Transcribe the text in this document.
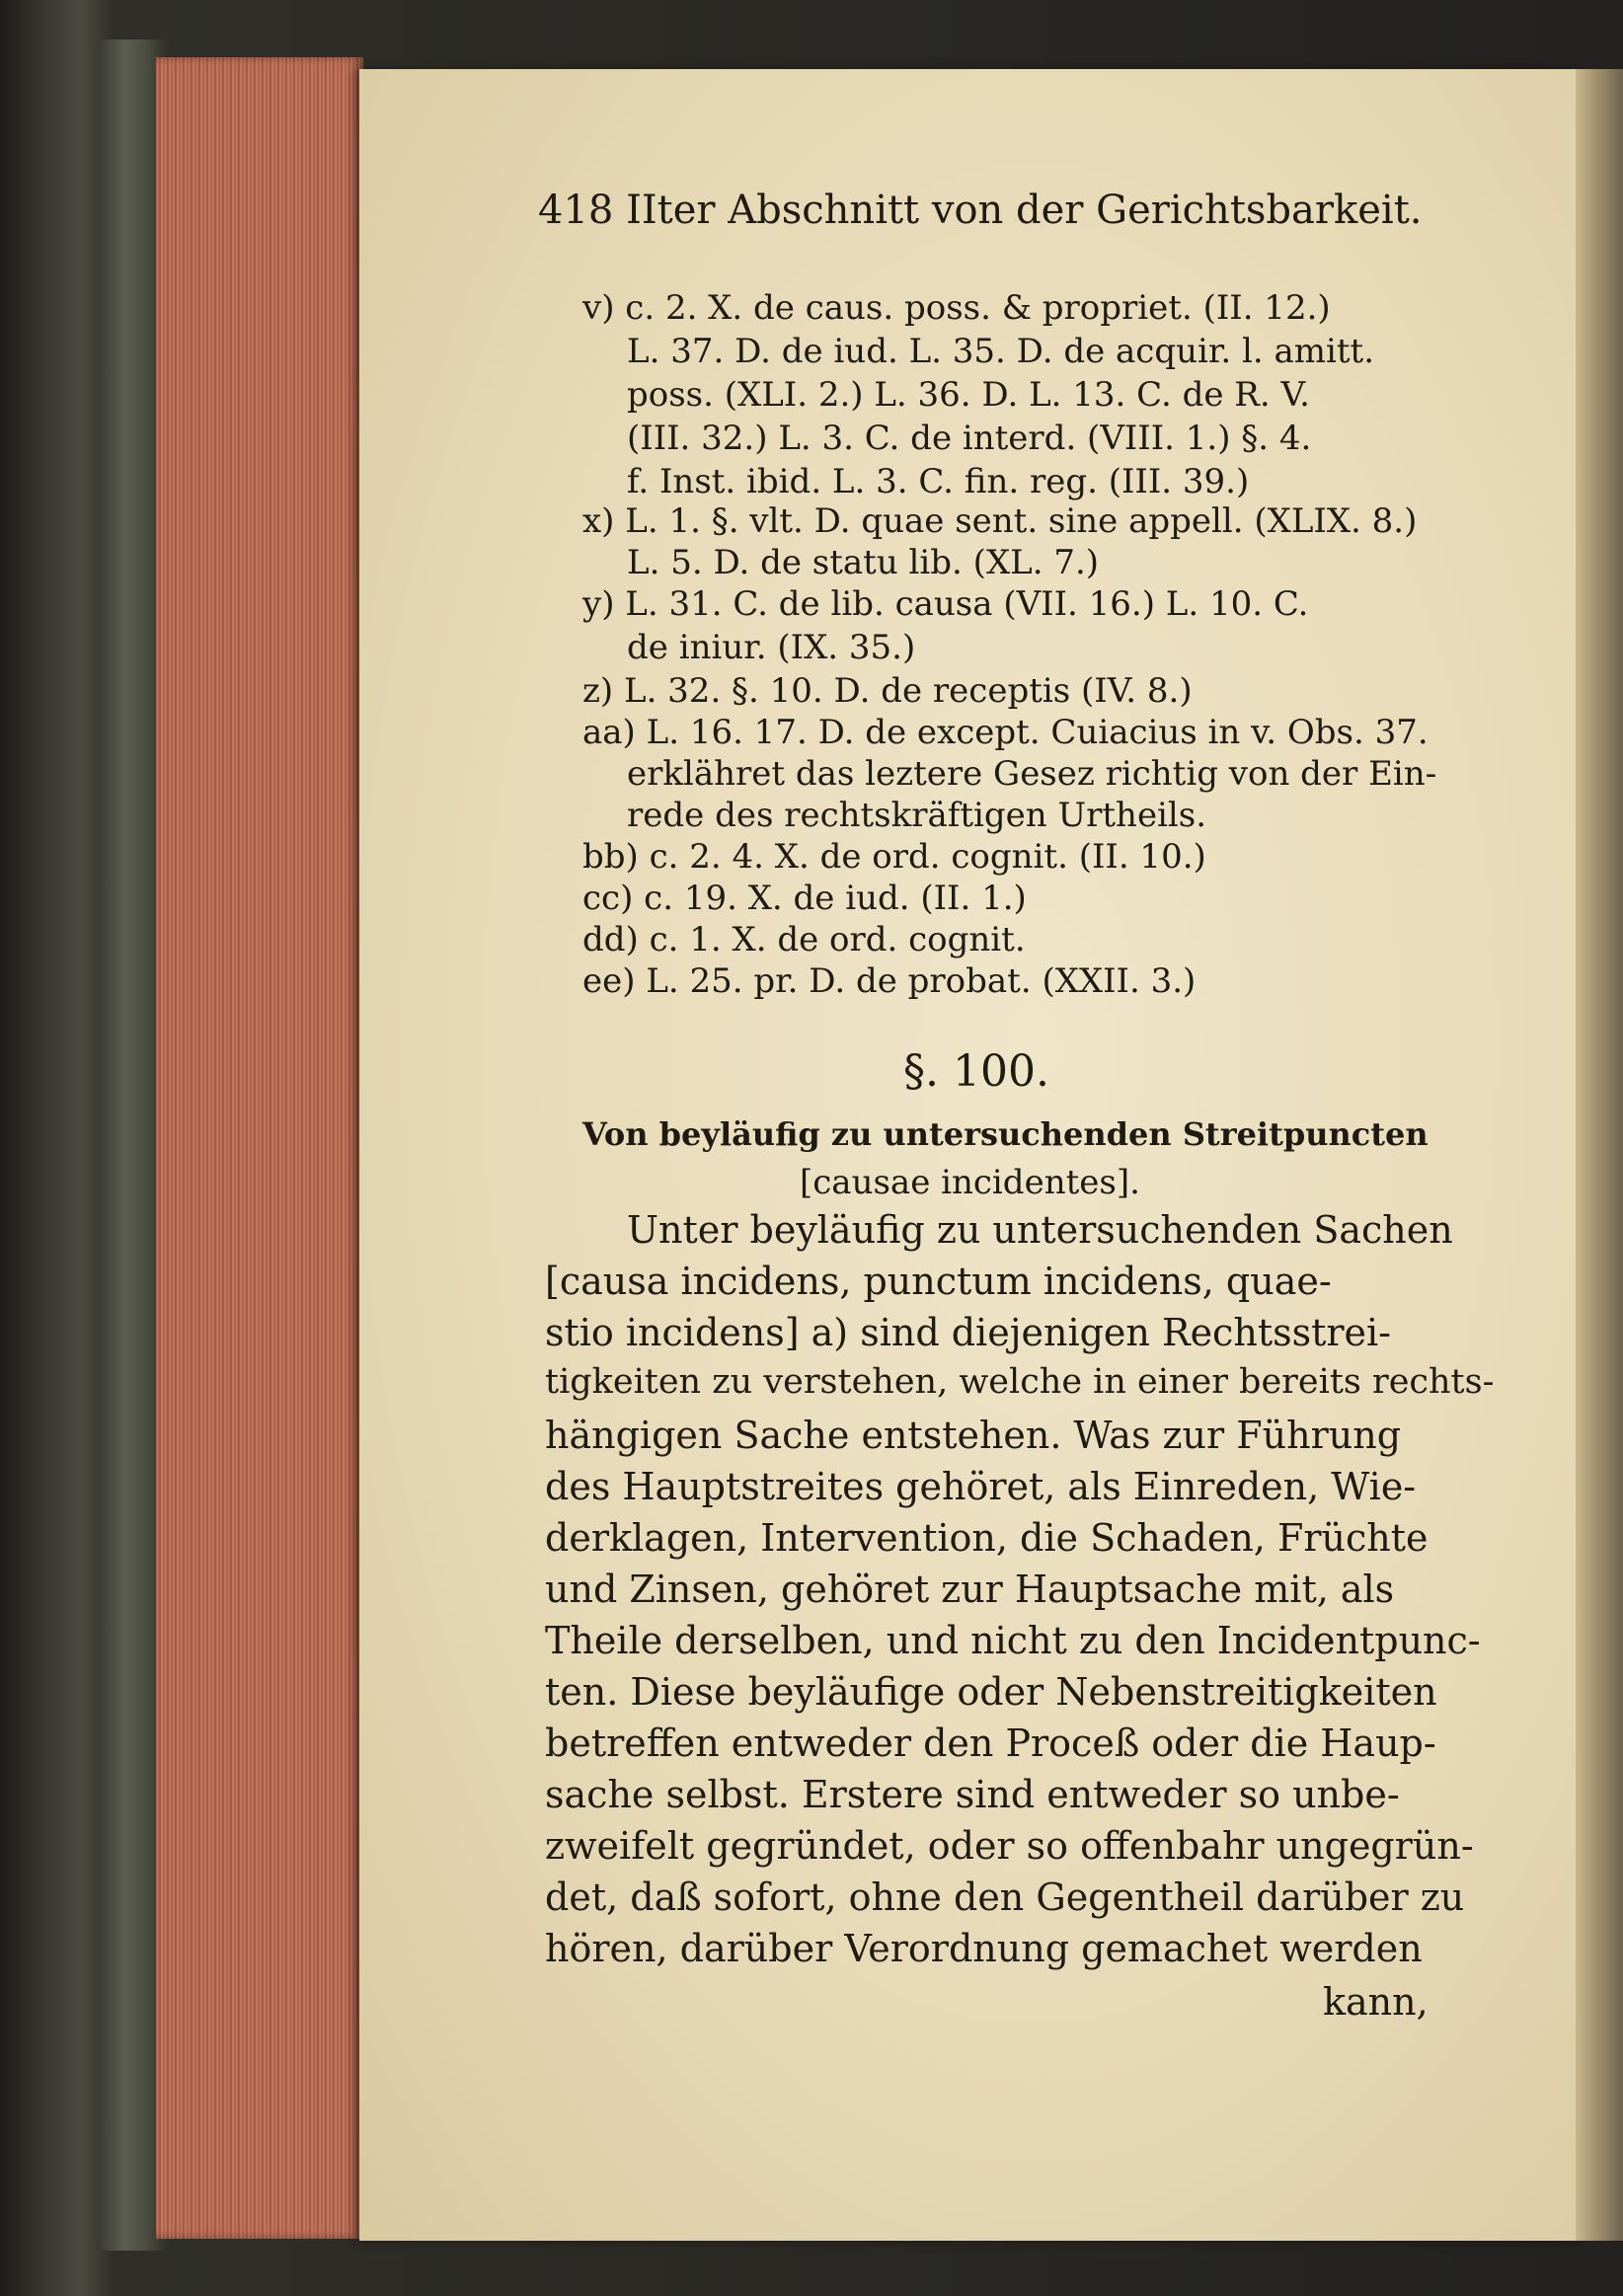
418 IIter Abschnitt von der Gerichtsbarkeit.
v) c. 2. X. de caus. poss. & propriet. (II. 12.)
L. 37. D. de iud. L. 35. D. de acquir. l. amitt.
poss. (XLI. 2.) L. 36. D. L. 13. C. de R. V.
(III. 32.) L. 3. C. de interd. (VIII. 1.) §. 4.
f. Inst. ibid. L. 3. C. fin. reg. (III. 39.)
x) L. 1. §. vlt. D. quae sent. sine appell. (XLIX. 8.)
L. 5. D. de statu lib. (XL. 7.)
y) L. 31. C. de lib. causa (VII. 16.) L. 10. C.
de iniur. (IX. 35.)
z) L. 32. §. 10. D. de receptis (IV. 8.)
aa) L. 16. 17. D. de except. Cuiacius in v. Obs. 37.
erklähret das leztere Gesez richtig von der Ein-
rede des rechtskräftigen Urtheils.
bb) c. 2. 4. X. de ord. cognit. (II. 10.)
cc) c. 19. X. de iud. (II. 1.)
dd) c. 1. X. de ord. cognit.
ee) L. 25. pr. D. de probat. (XXII. 3.)
§. 100.
Von beyläufig zu untersuchenden Streitpuncten
[causae incidentes].
Unter beyläufig zu untersuchenden Sachen
[causa incidens, punctum incidens, quae-
stio incidens] a) sind diejenigen Rechtsstrei-
tigkeiten zu verstehen, welche in einer bereits rechts-
hängigen Sache entstehen. Was zur Führung
des Hauptstreites gehöret, als Einreden, Wie-
derklagen, Intervention, die Schaden, Früchte
und Zinsen, gehöret zur Hauptsache mit, als
Theile derselben, und nicht zu den Incidentpunc-
ten. Diese beyläufige oder Nebenstreitigkeiten
betreffen entweder den Proceß oder die Haup-
sache selbst. Erstere sind entweder so unbe-
zweifelt gegründet, oder so offenbahr ungegrün-
det, daß sofort, ohne den Gegentheil darüber zu
hören, darüber Verordnung gemachet werden
kann,
